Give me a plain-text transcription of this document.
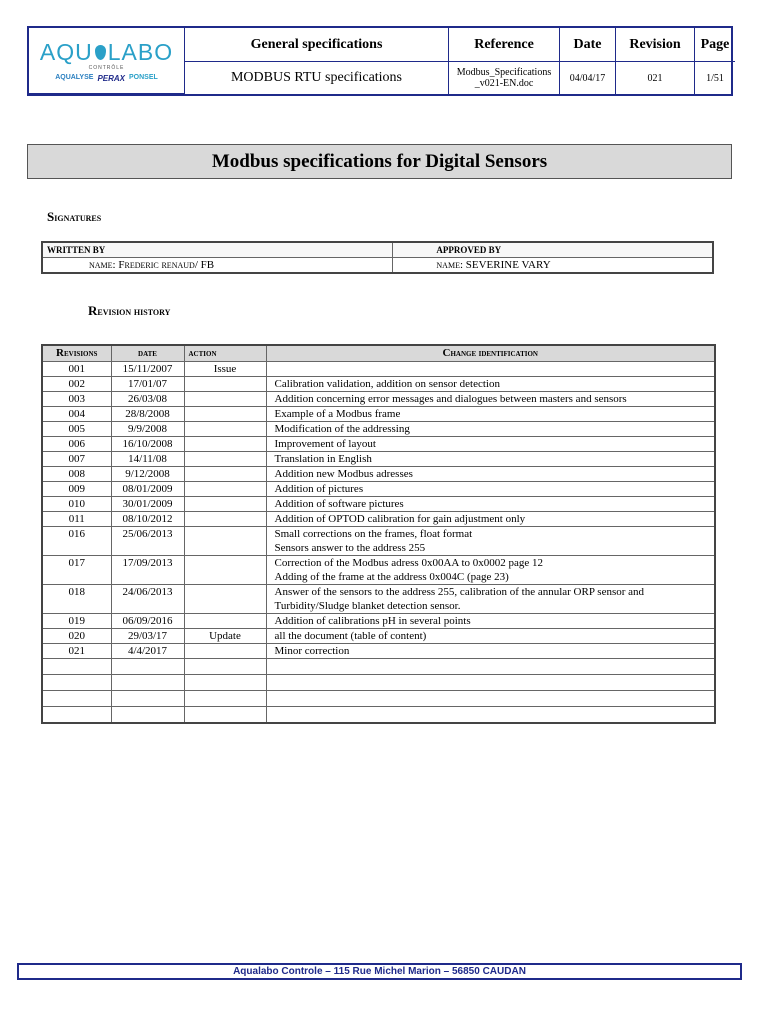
AQU LABO
CONTRÔLE
AQUALYSE PERAX PONSEL
General specifications	Reference	Date	Revision	Page
MODBUS RTU specifications	Modbus_Specifications
_v021-EN.doc	04/04/17	021	1/51
Modbus specifications for Digital Sensors
Signatures
WRITTEN BY	APPROVED BY
name: Frederic renaud/ FB	name: SEVERINE VARY
Revision history
Revisions	date	action	Change identification
001	15/11/2007	Issue	

002	17/01/07		Calibration validation, addition on sensor detection

003	26/03/08		Addition concerning error messages and dialogues between masters and sensors

004	28/8/2008		Example of a Modbus frame

005	9/9/2008		Modification of the addressing

006	16/10/2008		Improvement of layout

007	14/11/08		Translation in English

008	9/12/2008		Addition new Modbus adresses

009	08/01/2009		Addition of pictures

010	30/01/2009		Addition of software pictures

011	08/10/2012		Addition of OPTOD calibration for gain adjustment only

016	25/06/2013		Small corrections on the frames, float format
Sensors answer to the address 255

017	17/09/2013		Correction of the Modbus adress 0x00AA to 0x0002 page 12
Adding of the frame at the address 0x004C (page 23)

018	24/06/2013		Answer of the sensors to the address 255, calibration of the annular ORP sensor and
Turbidity/Sludge blanket detection sensor.

019	06/09/2016		Addition of calibrations pH in several points

020	29/03/17	Update	all the document (table of content)

021	4/4/2017		Minor correction

Aqualabo Controle – 115 Rue Michel Marion – 56850 CAUDAN
